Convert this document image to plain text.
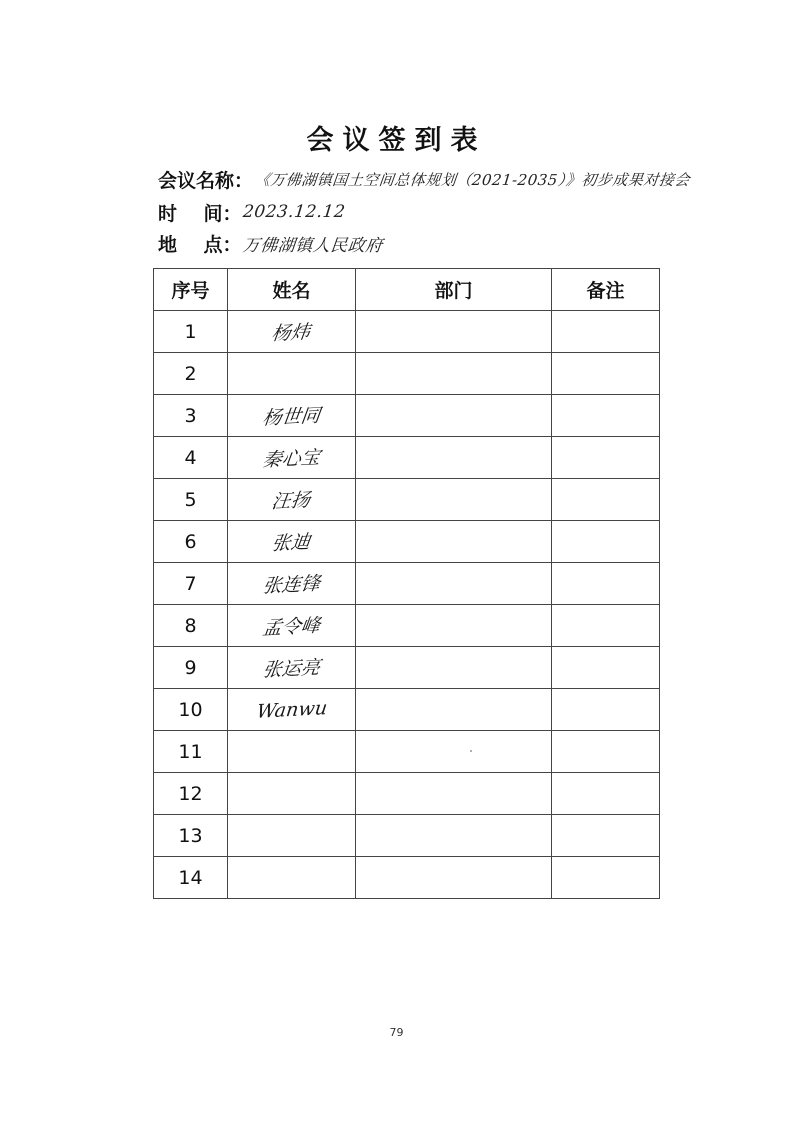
会议签到表
会议名称： 《万佛湖镇国土空间总体规划（2021-2035）》初步成果对接会
时    间： 2023.12.12
地    点： 万佛湖镇人民政府
序号	姓名	部门	备注
1	杨炜		
2			
3	杨世同		
4	秦心宝		
5	汪扬		
6	张迪		
7	张连锋		
8	孟令峰		
9	张运亮		
10	Wanwu		
11			
12			
13			
14			
79
